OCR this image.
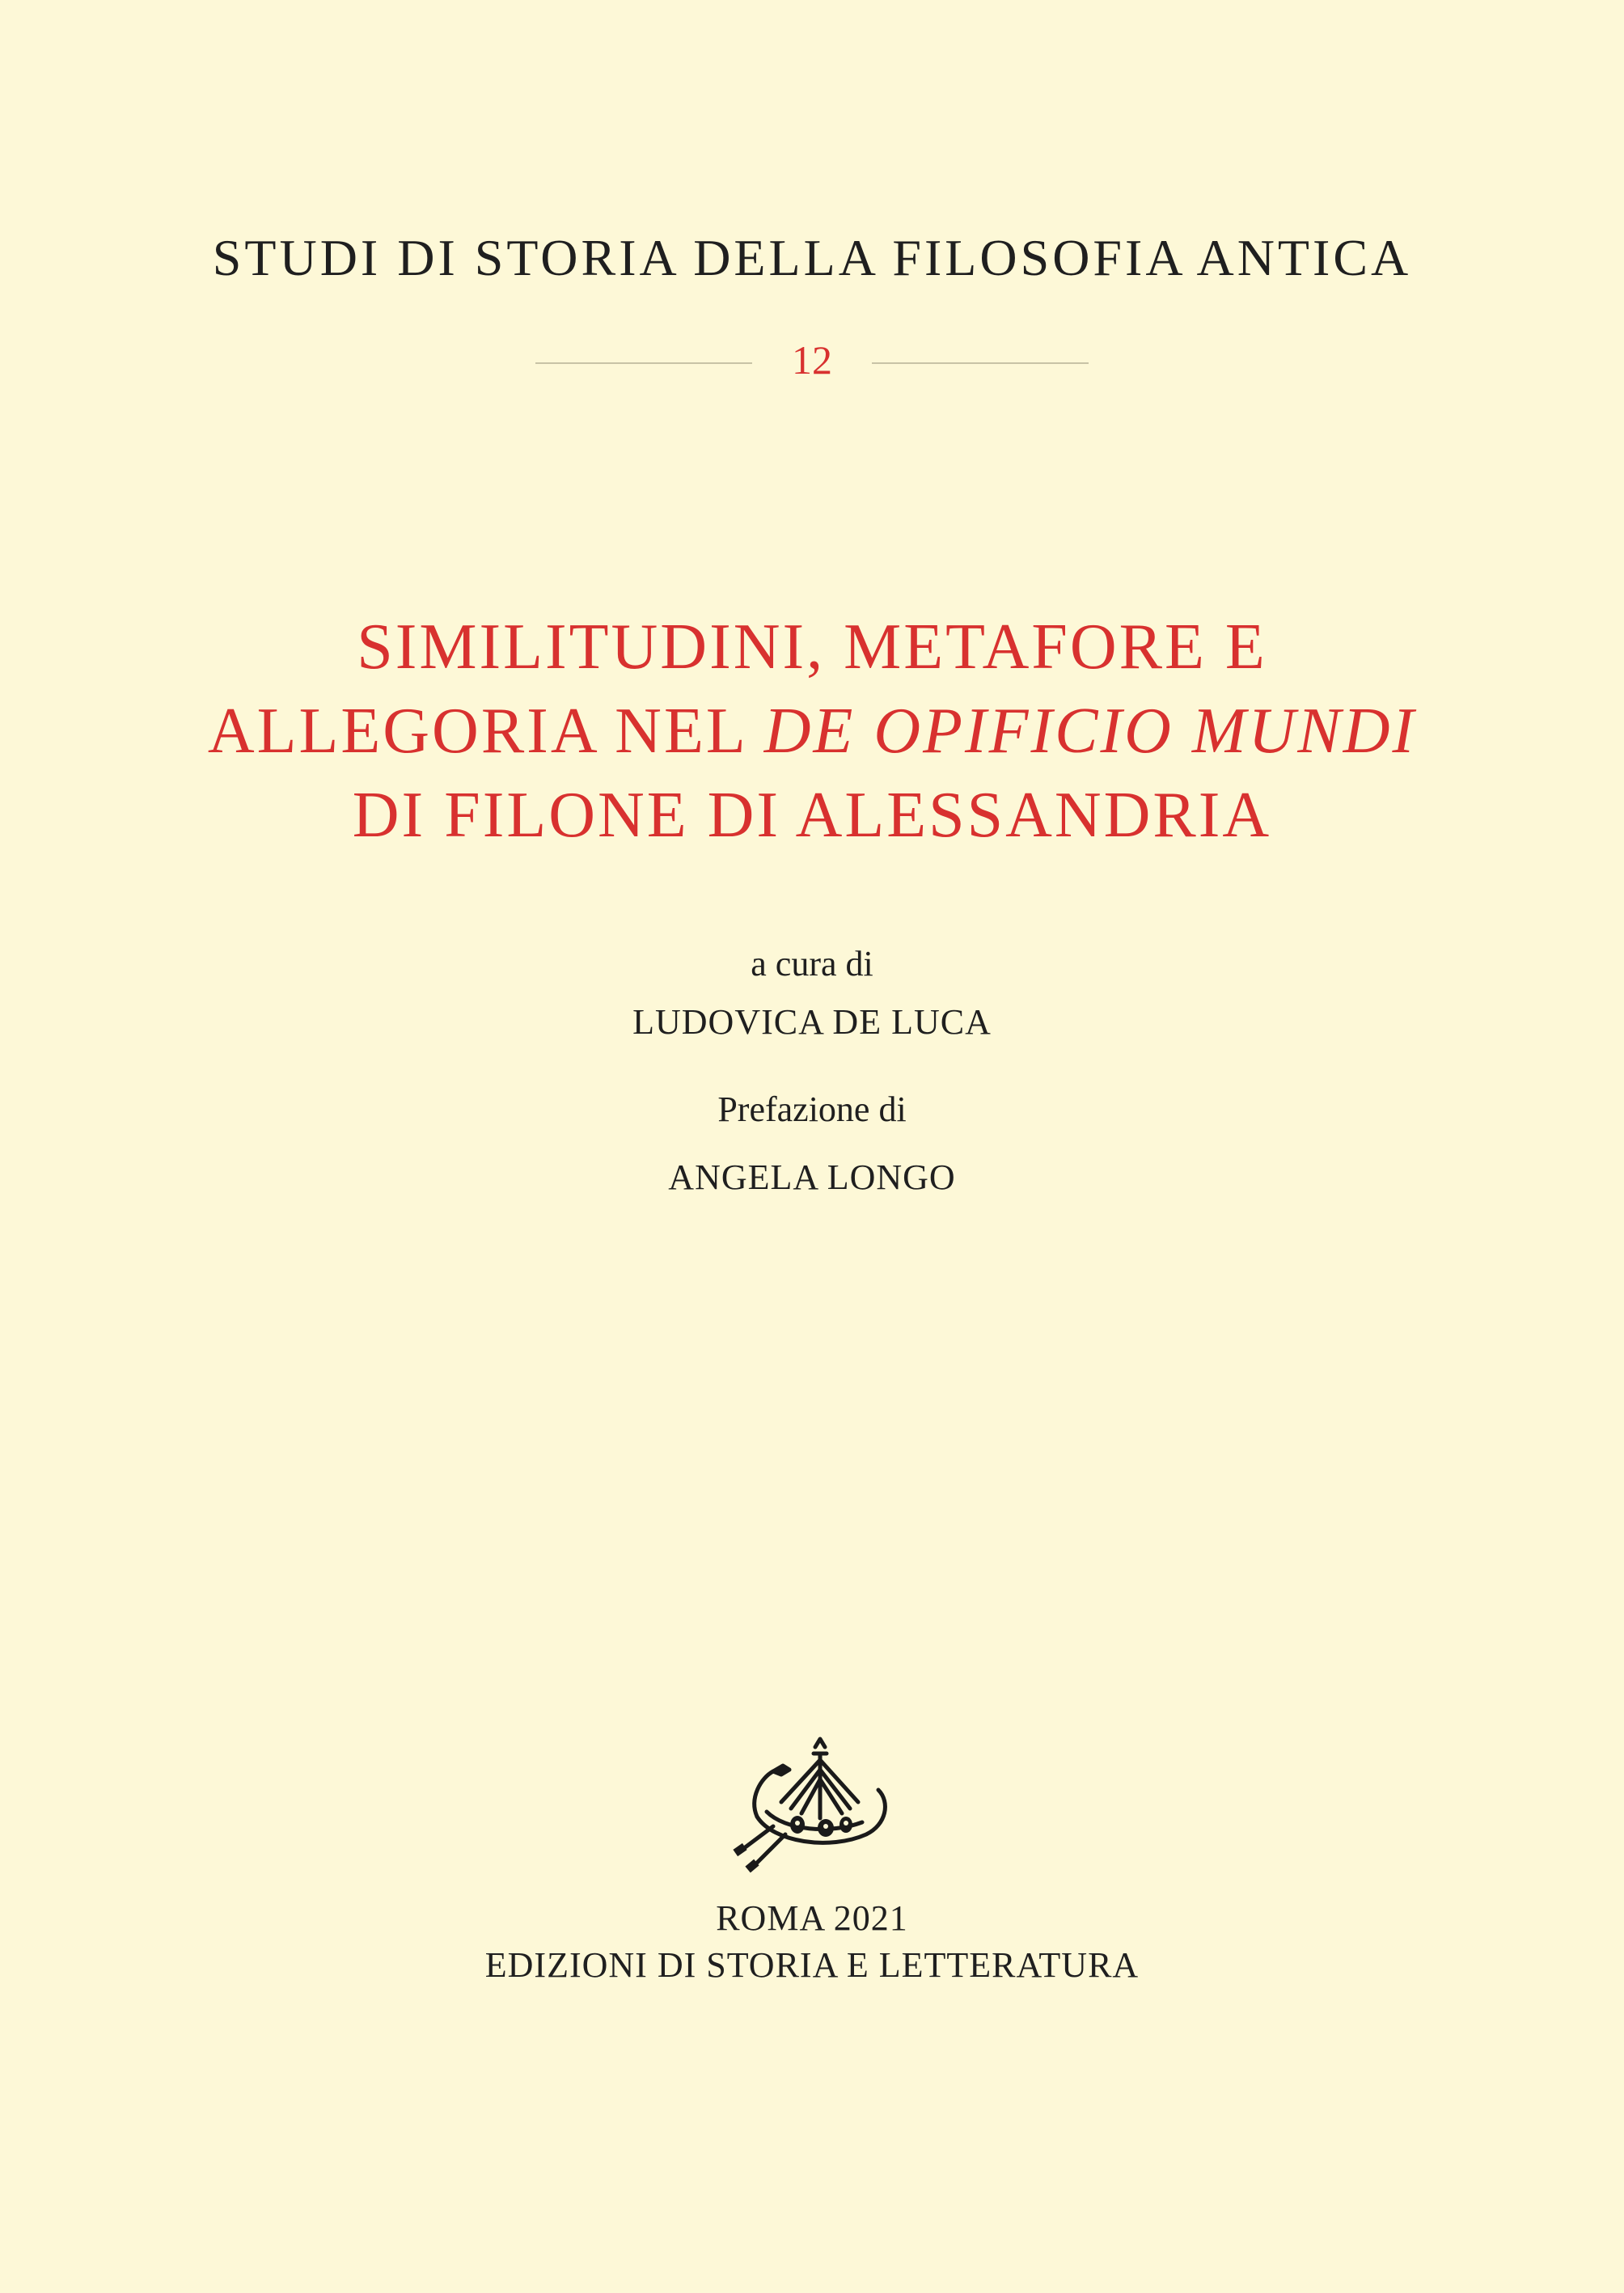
STUDI DI STORIA DELLA FILOSOFIA ANTICA
12
SIMILITUDINI, METAFORE E
ALLEGORIA NEL DE OPIFICIO MUNDI
DI FILONE DI ALESSANDRIA
a cura di
LUDOVICA DE LUCA
Prefazione di
ANGELA LONGO
ROMA 2021
EDIZIONI DI STORIA E LETTERATURA
